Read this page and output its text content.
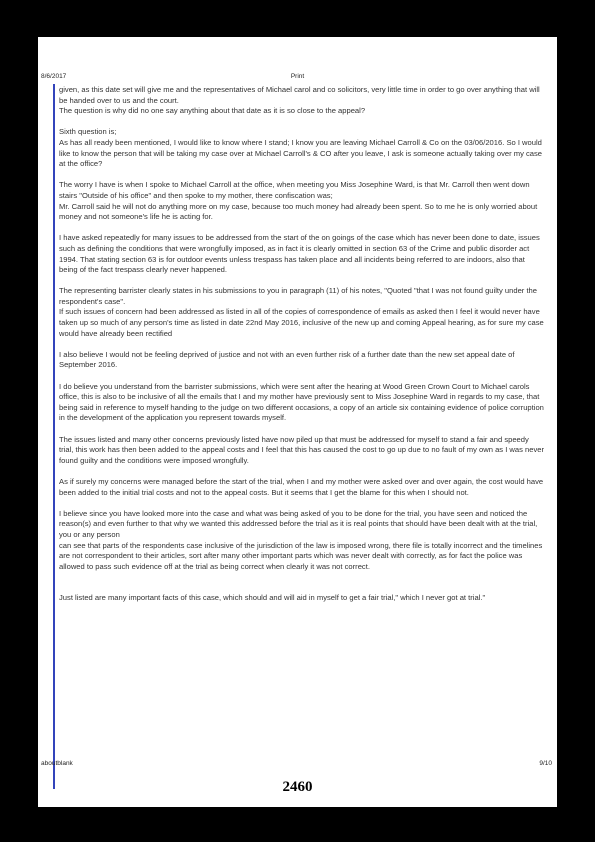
8/6/2017	Print

given, as this date set will give me and the representatives of Michael carol and co solicitors, very little time in order to go over anything that will be handed over to us and the court.
The question is why did no one say anything about that date as it is so close to the appeal?

Sixth question is;
As has all ready been mentioned, I would like to know where I stand; I know you are leaving Michael Carroll & Co on the 03/06/2016. So I would like to know the person that will be taking my case over at Michael Carroll's & CO after you leave, I ask is someone actually taking over my case at the office?

The worry I have is when I spoke to Michael Carroll at the office, when meeting you Miss Josephine Ward, is that Mr. Carroll then went down stairs "Outside of his office" and then spoke to my mother, there confiscation was;
Mr. Carroll said he will not do anything more on my case, because too much money had already been spent. So to me he is only worried about money and not someone's life he is acting for.

I have asked repeatedly for many issues to be addressed from the start of the on goings of the case which has never been done to date, issues such as defining the conditions that were wrongfully imposed, as in fact it is clearly omitted in section 63 of the Crime and public disorder act 1994. That stating section 63 is for outdoor events unless trespass has taken place and all incidents being referred to are indoors, also that being of the fact trespass clearly never happened.

The representing barrister clearly states in his submissions to you in paragraph (11) of his notes, "Quoted "that I was not found guilty under the respondent's case".
If such issues of concern had been addressed as listed in all of the copies of correspondence of emails as asked then I feel it would never have taken up so much of any person's time as listed in date 22nd May 2016, inclusive of the new up and coming Appeal hearing, as for sure my case would have already been rectified

I also believe I would not be feeling deprived of justice and not with an even further risk of a further date than the new set appeal date of September 2016.

I do believe you understand from the barrister submissions, which were sent after the hearing at Wood Green Crown Court to Michael carols office, this is also to be inclusive of all the emails that I and my mother have previously sent to Miss Josephine Ward in regards to my case, that being said in reference to myself handing to the judge on two different occasions, a copy of an article six containing evidence of police corruption in the development of the application you represent towards myself.

The issues listed and many other concerns previously listed have now piled up that must be addressed for myself to stand a fair and speedy trial, this work has then been added to the appeal costs and I feel that this has caused the cost to go up due to no fault of my own as I was never found guilty and the conditions were imposed wrongfully.

As if surely my concerns were managed before the start of the trial, when I and my mother were asked over and over again, the cost would have been added to the initial trial costs and not to the appeal costs. But it seems that I get the blame for this when I should not.

I believe since you have looked more into the case and what was being asked of you to be done for the trial, you have seen and noticed the reason(s) and even further to that why we wanted this addressed before the trial as it is real points that should have been dealt with at the trial, you or any person
can see that parts of the respondents case inclusive of the jurisdiction of the law is imposed wrong, there file is totally incorrect and the timelines are not correspondent to their articles, sort after many other important parts which was never dealt with correctly, as for fact the police was allowed to pass such evidence off at the trial as being correct when clearly it was not correct.

Just listed are many important facts of this case, which should and will aid in myself to get a fair trial," which I never got at trial."

aboutblank	9/10
2460
